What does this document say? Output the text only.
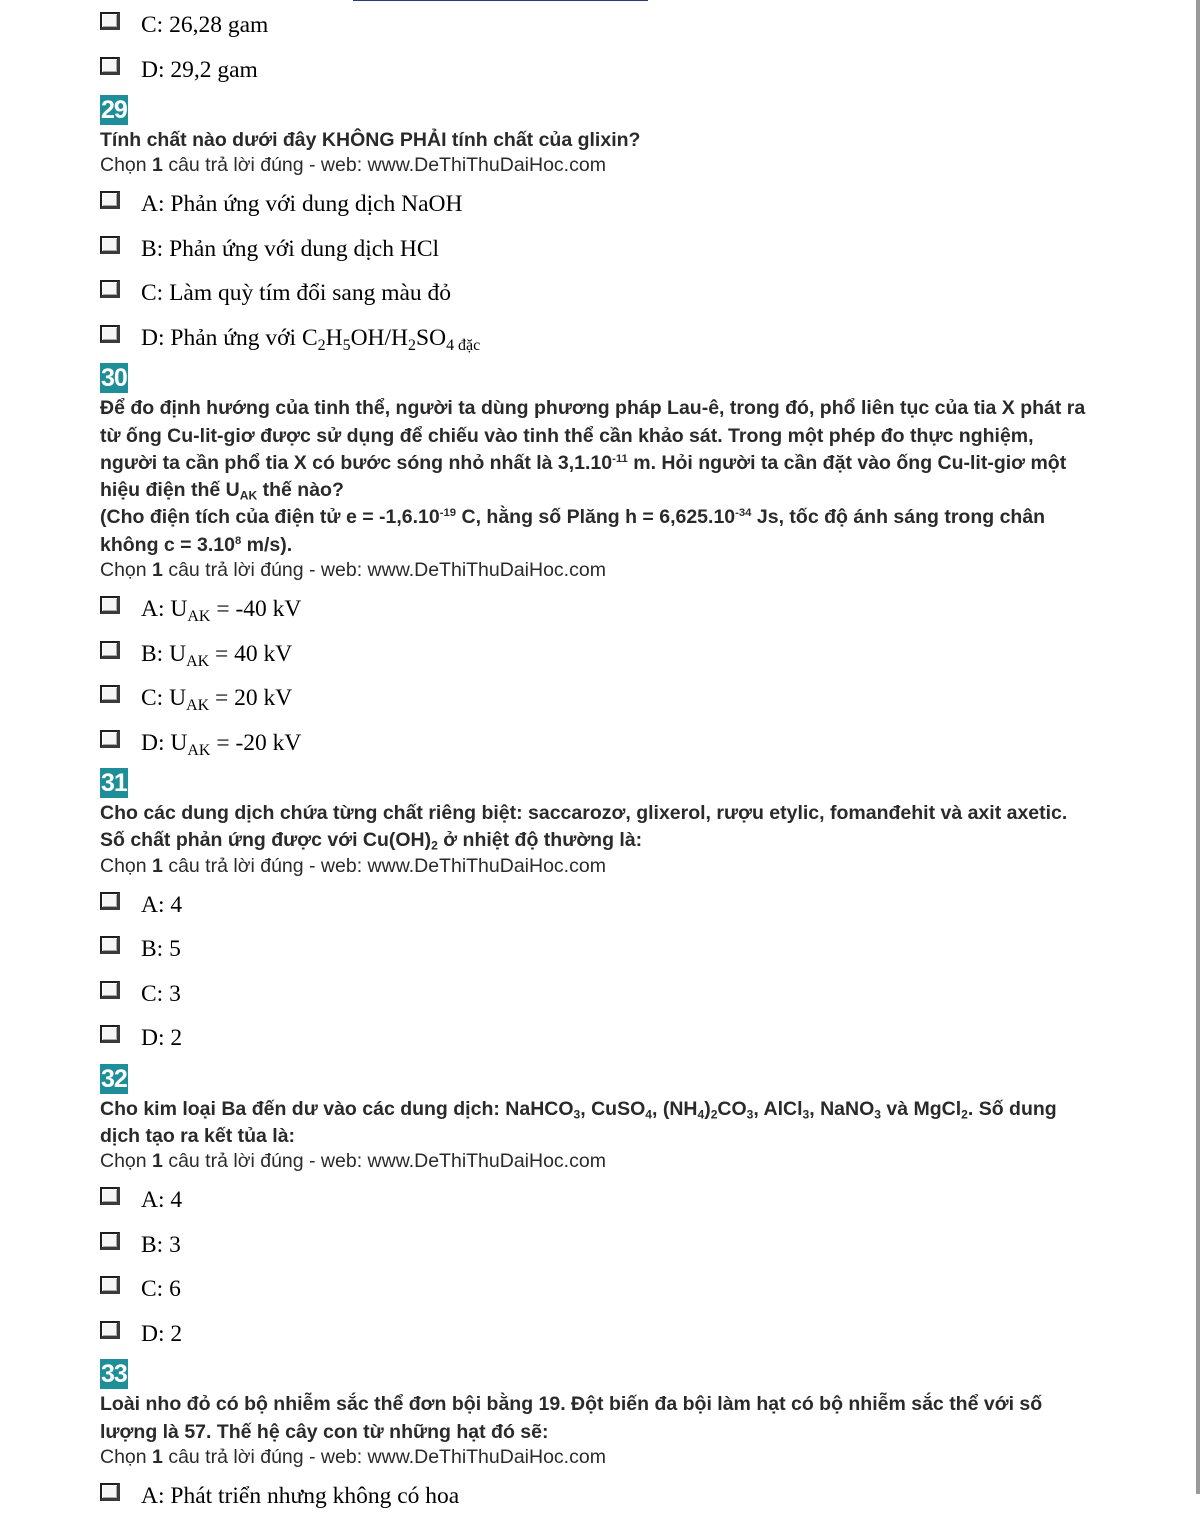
C: 26,28 gam
D: 29,2 gam
29

Tính chất nào dưới đây KHÔNG PHẢI tính chất của glixin?

Chọn 1 câu trả lời đúng - web: www.DeThiThuDaiHoc.com

A: Phản ứng với dung dịch NaOH
B: Phản ứng với dung dịch HCl
C: Làm quỳ tím đổi sang màu đỏ
D: Phản ứng với $C_2H_5OH/H_2SO_{4 đặc}$
30

Để đo định hướng của tinh thể, người ta dùng phương pháp Lau-ê, trong đó, phổ liên tục của tia X phát ra
từ ống Cu-lit-giơ được sử dụng để chiếu vào tinh thể cần khảo sát. Trong một phép đo thực nghiệm,
người ta cần phổ tia X có bước sóng nhỏ nhất là $3,1.10^{-11}$ m. Hỏi người ta cần đặt vào ống Cu-lit-giơ một
hiệu điện thế $U_{AK}$ thế nào?
(Cho điện tích của điện tử $e = -1,6.10^{-19}$ C, hằng số Plăng $h = 6,625.10^{-34}$ Js, tốc độ ánh sáng trong chân
không $c = 3.10^8$ m/s).

Chọn 1 câu trả lời đúng - web: www.DeThiThuDaiHoc.com

A: $U_{AK} = -40$ kV
B: $U_{AK} = 40$ kV
C: $U_{AK} = 20$ kV
D: $U_{AK} = -20$ kV
31

Cho các dung dịch chứa từng chất riêng biệt: saccarozơ, glixerol, rượu etylic, fomanđehit và axit axetic.
Số chất phản ứng được với $Cu(OH)_2$ ở nhiệt độ thường là:

Chọn 1 câu trả lời đúng - web: www.DeThiThuDaiHoc.com

A: 4
B: 5
C: 3
D: 2
32

Cho kim loại Ba đến dư vào các dung dịch: NaHCO$_3$, CuSO$_4$, $(NH_4)_2CO_3$, AlCl$_3$, NaNO$_3$ và MgCl$_2$. Số dung
dịch tạo ra kết tủa là:

Chọn 1 câu trả lời đúng - web: www.DeThiThuDaiHoc.com

A: 4
B: 3
C: 6
D: 2
33

Loài nho đỏ có bộ nhiễm sắc thể đơn bội bằng 19. Đột biến đa bội làm hạt có bộ nhiễm sắc thể với số
lượng là 57. Thế hệ cây con từ những hạt đó sẽ:

Chọn 1 câu trả lời đúng - web: www.DeThiThuDaiHoc.com

A: Phát triển nhưng không có hoa
